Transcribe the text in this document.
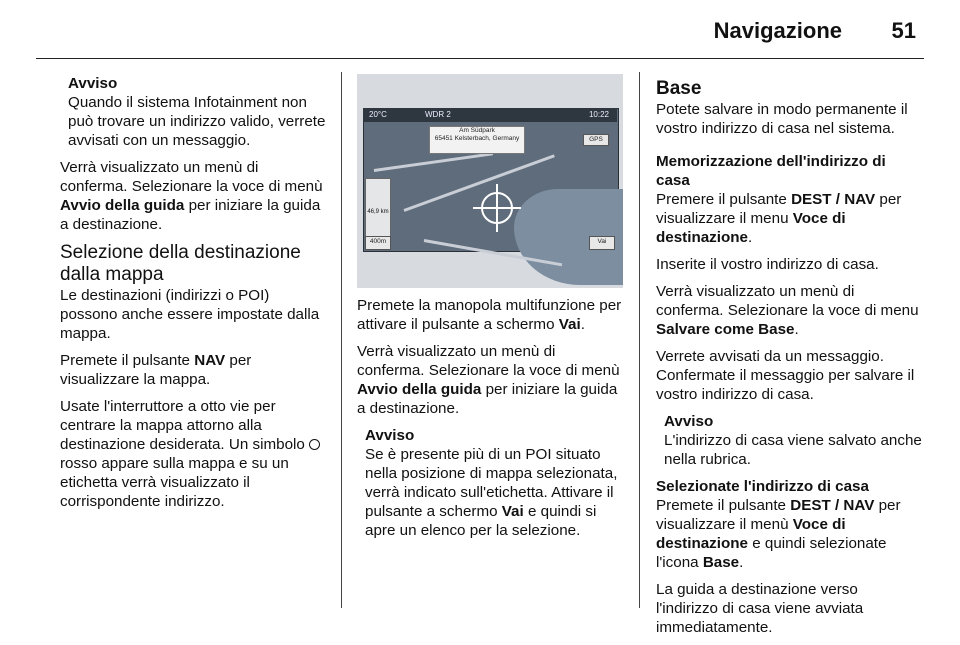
Navigazione 51
Avviso
Quando il sistema Infotainment non può trovare un indirizzo valido, verrete avvisati con un messaggio.

Verrà visualizzato un menù di conferma. Selezionare la voce di menù Avvio della guida per iniziare la guida a destinazione.

Selezione della destinazione dalla mappa

Le destinazioni (indirizzi o POI) possono anche essere impostate dalla mappa.

Premete il pulsante NAV per visualizzare la mappa.

Usate l'interruttore a otto vie per centrare la mappa attorno alla destinazione desiderata. Un simbolo  rosso appare sulla mappa e su un etichetta verrà visualizzato il corrispondente indirizzo.

20°C	WDR 2	10:22
Am Südpark
65451 Kelsterbach, Germany	GPS
46,9 km
400m	Vai

Premete la manopola multifunzione per attivare il pulsante a schermo Vai.

Verrà visualizzato un menù di conferma. Selezionare la voce di menù Avvio della guida per iniziare la guida a destinazione.

Avviso
Se è presente più di un POI situato nella posizione di mappa selezionata, verrà indicato sull'etichetta. Attivare il pulsante a schermo Vai e quindi si apre un elenco per la selezione.
Base

Potete salvare in modo permanente il vostro indirizzo di casa nel sistema.

Memorizzazione dell'indirizzo di casa

Premere il pulsante DEST / NAV per visualizzare il menu Voce di destinazione.

Inserite il vostro indirizzo di casa.

Verrà visualizzato un menù di conferma. Selezionare la voce di menu Salvare come Base.

Verrete avvisati da un messaggio. Confermate il messaggio per salvare il vostro indirizzo di casa.

Avviso
L'indirizzo di casa viene salvato anche nella rubrica.
Selezionate l'indirizzo di casa

Premete il pulsante DEST / NAV per visualizzare il menù Voce di destinazione e quindi selezionate l'icona Base.

La guida a destinazione verso l'indirizzo di casa viene avviata immediatamente.
